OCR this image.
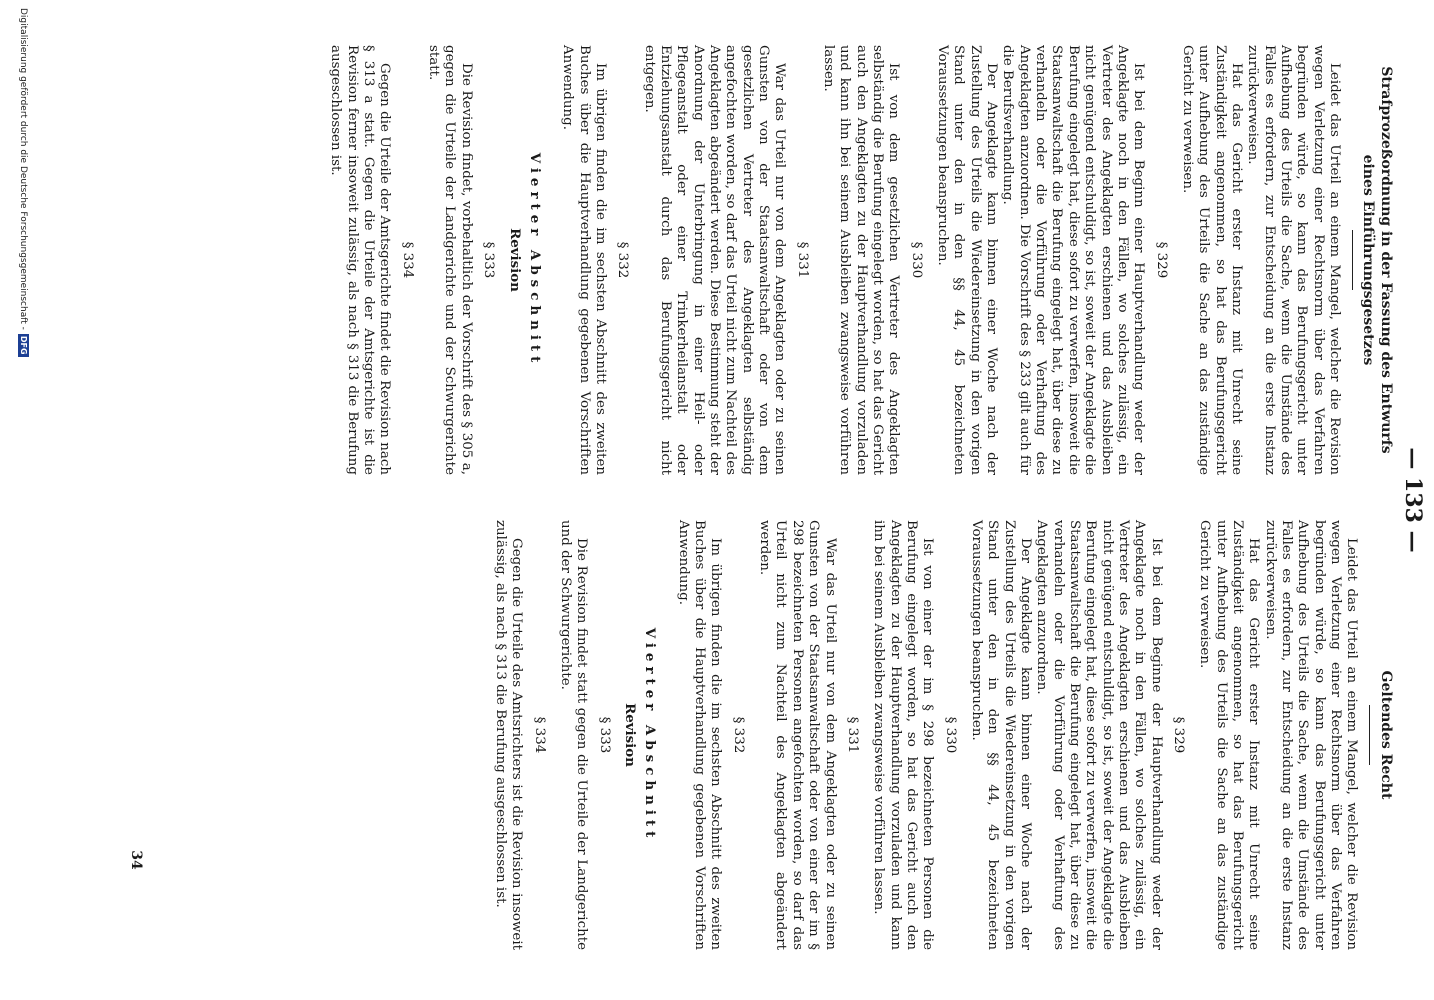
— 133 —
Strafprozeßordnung in der Fassung des Entwurfs eines Einführungsgesetzes

Leidet das Urteil an einem Mangel, welcher die Revision wegen Verletzung einer Rechtsnorm über das Verfahren begründen würde, so kann das Berufungsgericht unter Aufhebung des Urteils die Sache, wenn die Umstände des Falles es erfordern, zur Entscheidung an die erste Instanz zurückverweisen.

Hat das Gericht erster Instanz mit Unrecht seine Zuständigkeit angenommen, so hat das Berufungsgericht unter Aufhebung des Urteils die Sache an das zuständige Gericht zu verweisen.

§ 329

Ist bei dem Beginn einer Hauptverhandlung weder der Angeklagte noch in den Fällen, wo solches zulässig, ein Vertreter des Angeklagten erschienen und das Ausbleiben nicht genügend entschuldigt, so ist, soweit der Angeklagte die Berufung eingelegt hat, diese sofort zu verwerfen, insoweit die Staatsanwaltschaft die Berufung eingelegt hat, über diese zu verhandeln oder die Vorführung oder Verhaftung des Angeklagten anzuordnen. Die Vorschrift des § 233 gilt auch für die Berufsverhandlung.

Der Angeklagte kann binnen einer Woche nach der Zustellung des Urteils die Wiedereinsetzung in den vorigen Stand unter den in den §§ 44, 45 bezeichneten Voraussetzungen beanspruchen.

§ 330

Ist von dem gesetzlichen Vertreter des Angeklagten selbständig die Berufung eingelegt worden, so hat das Gericht auch den Angeklagten zu der Hauptverhandlung vorzuladen und kann ihn bei seinem Ausbleiben zwangsweise vorführen lassen.

§ 331

War das Urteil nur von dem Angeklagten oder zu seinen Gunsten von der Staatsanwaltschaft oder von dem gesetzlichen Vertreter des Angeklagten selbständig angefochten worden, so darf das Urteil nicht zum Nachteil des Angeklagten abgeändert werden. Diese Bestimmung steht der Anordnung der Unterbringung in einer Heil- oder Pflegeanstalt oder einer Trinkerheilanstalt oder Entziehungsanstalt durch das Berufungsgericht nicht entgegen.

§ 332

Im übrigen finden die im sechsten Abschnitt des zweiten Buches über die Hauptverhandlung gegebenen Vorschriften Anwendung.

Vierter Abschnitt
Revision
§ 333

Die Revision findet, vorbehaltlich der Vorschrift des § 305 a, gegen die Urteile der Landgerichte und der Schwurgerichte statt.

§ 334

Gegen die Urteile der Amtsgerichte findet die Revision nach § 313 a statt. Gegen die Urteile der Amtsgerichte ist die Revision ferner insoweit zulässig, als nach § 313 die Berufung ausgeschlossen ist.

Geltendes Recht

Leidet das Urteil an einem Mangel, welcher die Revision wegen Verletzung einer Rechtsnorm über das Verfahren begründen würde, so kann das Berufungsgericht unter Aufhebung des Urteils die Sache, wenn die Umstände des Falles es erfordern, zur Entscheidung an die erste Instanz zurückverweisen.

Hat das Gericht erster Instanz mit Unrecht seine Zuständigkeit angenommen, so hat das Berufungsgericht unter Aufhebung des Urteils die Sache an das zuständige Gericht zu verweisen.

§ 329

Ist bei dem Beginne der Hauptverhandlung weder der Angeklagte noch in den Fällen, wo solches zulässig, ein Vertreter des Angeklagten erschienen und das Ausbleiben nicht genügend entschuldigt, so ist, soweit der Angeklagte die Berufung eingelegt hat, diese sofort zu verwerfen, insoweit die Staatsanwaltschaft die Berufung eingelegt hat, über diese zu verhandeln oder die Vorführung oder Verhaftung des Angeklagten anzuordnen.

Der Angeklagte kann binnen einer Woche nach der Zustellung des Urteils die Wiedereinsetzung in den vorigen Stand unter den in den §§ 44, 45 bezeichneten Voraussetzungen beanspruchen.

§ 330

Ist von einer der im § 298 bezeichneten Personen die Berufung eingelegt worden, so hat das Gericht auch den Angeklagten zu der Hauptverhandlung vorzuladen und kann ihn bei seinem Ausbleiben zwangsweise vorführen lassen.

§ 331

War das Urteil nur von dem Angeklagten oder zu seinen Gunsten von der Staatsanwaltschaft oder von einer der im § 298 bezeichneten Personen angefochten worden, so darf das Urteil nicht zum Nachteil des Angeklagten abgeändert werden.

§ 332

Im übrigen finden die im sechsten Abschnitt des zweiten Buches über die Hauptverhandlung gegebenen Vorschriften Anwendung.

Vierter Abschnitt
Revision
§ 333

Die Revision findet statt gegen die Urteile der Landgerichte und der Schwurgerichte.

§ 334

Gegen die Urteile des Amtsrichters ist die Revision insoweit zulässig, als nach § 313 die Berufung ausgeschlossen ist.

34
Digitalisierung gefördert durch die Deutsche Forschungsgemeinschaft -
DFG
